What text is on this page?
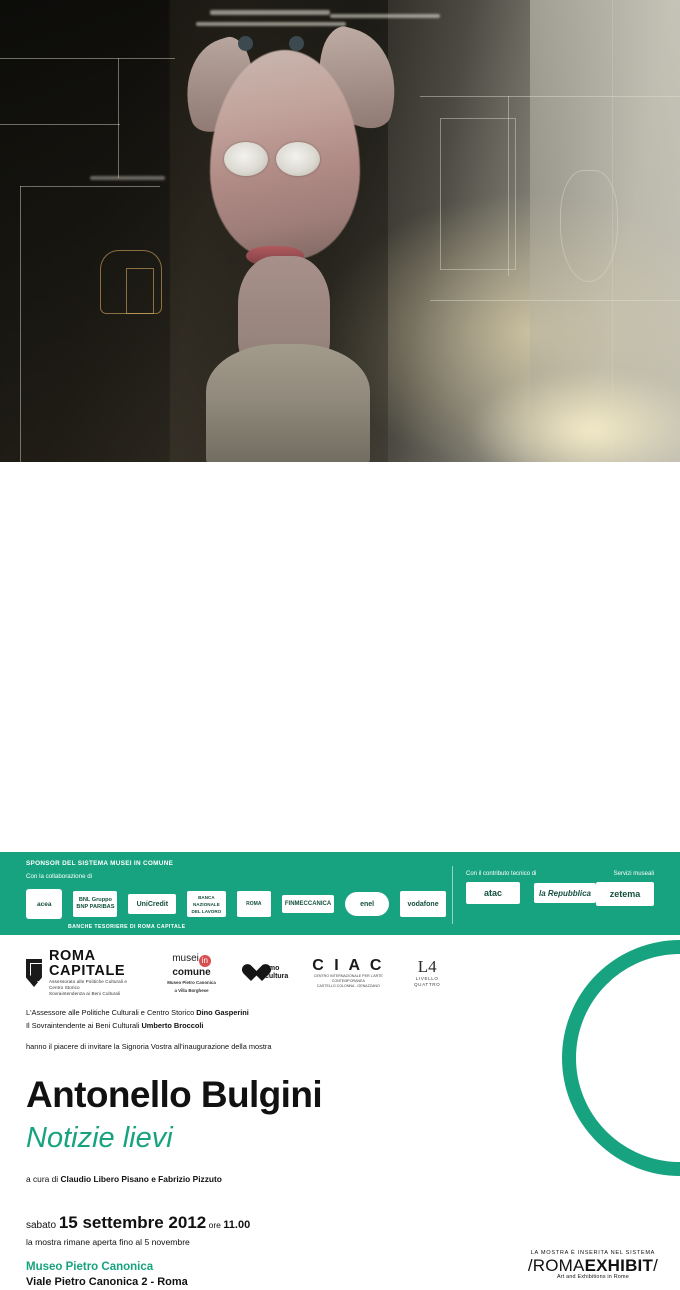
ROMA CAPITALE
Assessorato alle Politiche Culturali e Centro Storico
Sovraintendenza ai Beni Culturali
musei incomune
Museo Pietro Canonica
a Villa Borghese
amo
cultura
C I A C
CENTRO INTERNAZIONALE PER L'ARTE CONTEMPORANEA
CASTELLO COLONNA - GENAZZANO
L4
LIVELLO QUATTRO

L'Assessore alle Politiche Culturali e Centro Storico Dino Gasperini

Il Sovraintendente ai Beni Culturali Umberto Broccoli

hanno il piacere di invitare la Signoria Vostra all'inaugurazione della mostra

Antonello Bulgini
Notizie lievi
a cura di Claudio Libero Pisano e Fabrizio Pizzuto
sabato 15 settembre 2012 ore 11.00
la mostra rimane aperta fino al 5 novembre
Museo Pietro Canonica
Viale Pietro Canonica 2 - Roma
LA MOSTRA È INSERITA NEL SISTEMA
/ROMAEXHIBIT/
Art and Exhibitions in Rome
SPONSOR DEL SISTEMA MUSEI IN COMUNE
Con la collaborazione di	Con il contributo tecnico di	Servizi museali
acea
BNL Gruppo BNP PARIBAS	UniCredit
BANCA NAZIONALE DEL LAVORO
ROMA	FINMECCANICA	enel	vodafone
BANCHE TESORIERE DI ROMA CAPITALE
atac	la Repubblica	zetema
